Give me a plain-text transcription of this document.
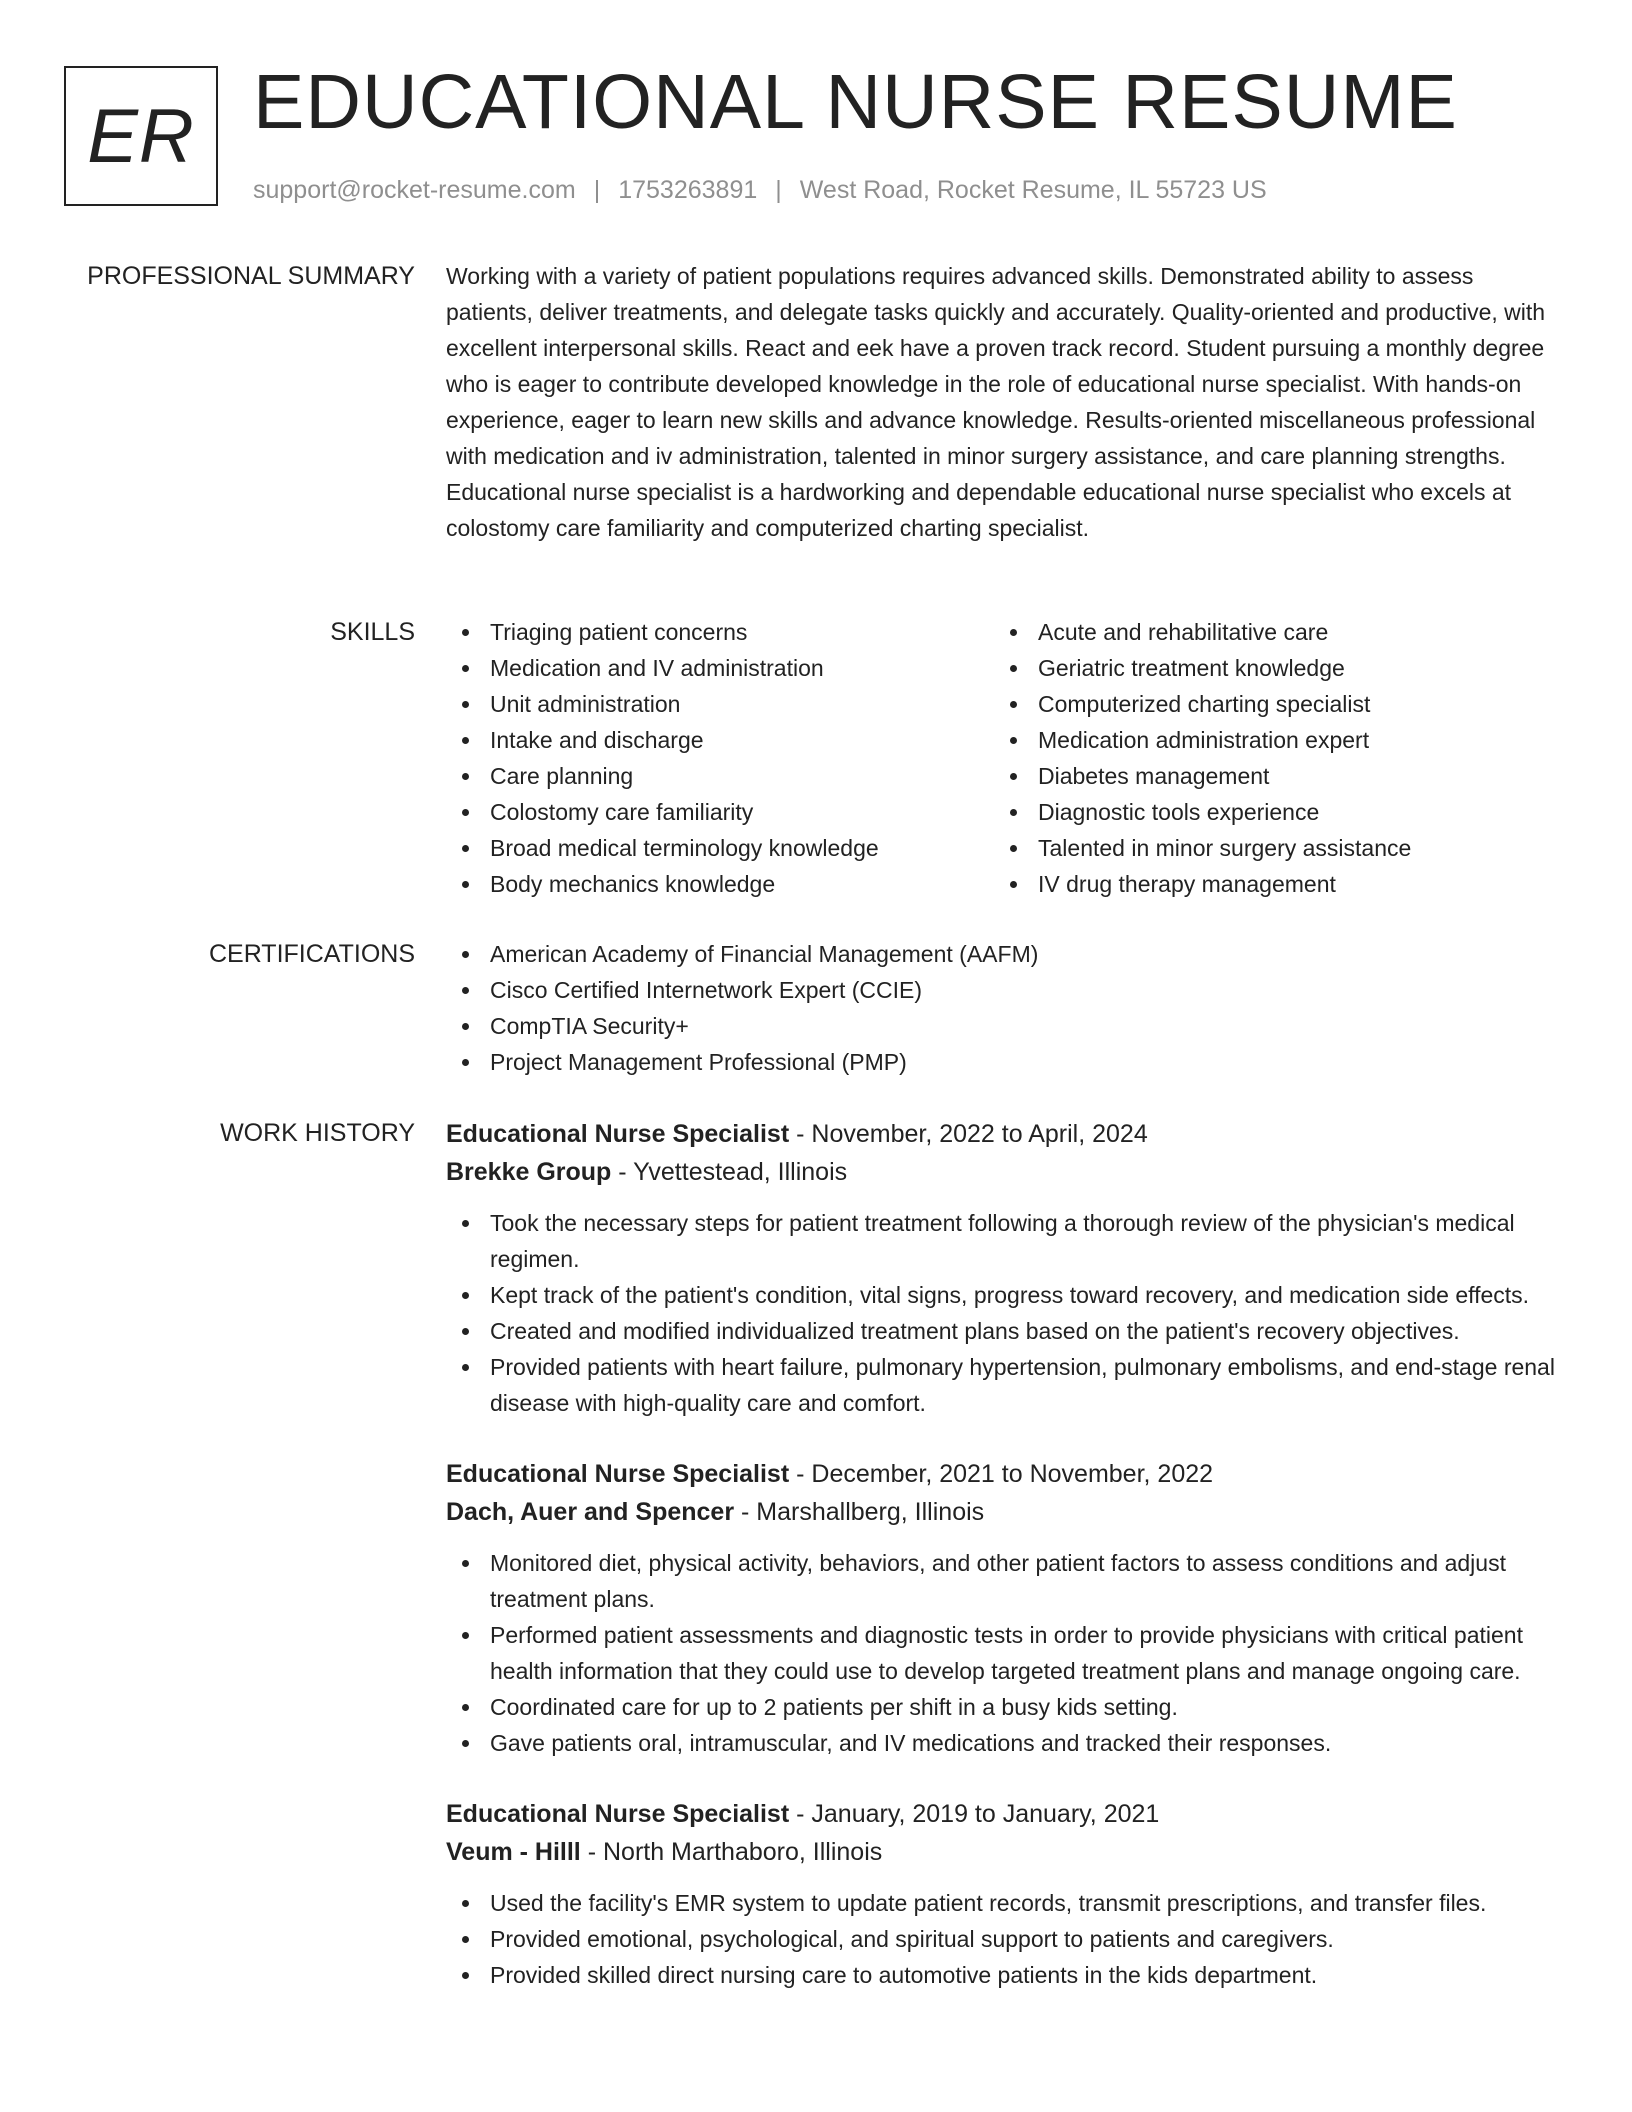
ER EDUCATIONAL NURSE RESUME
support@rocket-resume.com | 1753263891 | West Road, Rocket Resume, IL 55723 US
PROFESSIONAL SUMMARY Working with a variety of patient populations requires advanced skills. Demonstrated ability to assess patients, deliver treatments, and delegate tasks quickly and accurately. Quality-oriented and productive, with excellent interpersonal skills. React and eek have a proven track record. Student pursuing a monthly degree who is eager to contribute developed knowledge in the role of educational nurse specialist. With hands-on experience, eager to learn new skills and advance knowledge. Results-oriented miscellaneous professional with medication and iv administration, talented in minor surgery assistance, and care planning strengths. Educational nurse specialist is a hardworking and dependable educational nurse specialist who excels at colostomy care familiarity and computerized charting specialist.

SKILLS	Triaging patient concerns
Medication and IV administration
Unit administration
Intake and discharge
Care planning
Colostomy care familiarity
Broad medical terminology knowledge
Body mechanics knowledge
Acute and rehabilitative care
Geriatric treatment knowledge
Computerized charting specialist
Medication administration expert
Diabetes management
Diagnostic tools experience
Talented in minor surgery assistance
IV drug therapy management
CERTIFICATIONS	American Academy of Financial Management (AAFM)
Cisco Certified Internetwork Expert (CCIE)
CompTIA Security+
Project Management Professional (PMP)
WORK HISTORY Educational Nurse Specialist - November, 2022 to April, 2024
Brekke Group - Yvettestead, Illinois
Took the necessary steps for patient treatment following a thorough review of the physician's medical regimen.
Kept track of the patient's condition, vital signs, progress toward recovery, and medication side effects.
Created and modified individualized treatment plans based on the patient's recovery objectives.
Provided patients with heart failure, pulmonary hypertension, pulmonary embolisms, and end-stage renal disease with high-quality care and comfort.
Educational Nurse Specialist - December, 2021 to November, 2022
Dach, Auer and Spencer - Marshallberg, Illinois
Monitored diet, physical activity, behaviors, and other patient factors to assess conditions and adjust treatment plans.
Performed patient assessments and diagnostic tests in order to provide physicians with critical patient health information that they could use to develop targeted treatment plans and manage ongoing care.
Coordinated care for up to 2 patients per shift in a busy kids setting.
Gave patients oral, intramuscular, and IV medications and tracked their responses.
Educational Nurse Specialist - January, 2019 to January, 2021
Veum - Hilll - North Marthaboro, Illinois
Used the facility's EMR system to update patient records, transmit prescriptions, and transfer files.
Provided emotional, psychological, and spiritual support to patients and caregivers.
Provided skilled direct nursing care to automotive patients in the kids department.
